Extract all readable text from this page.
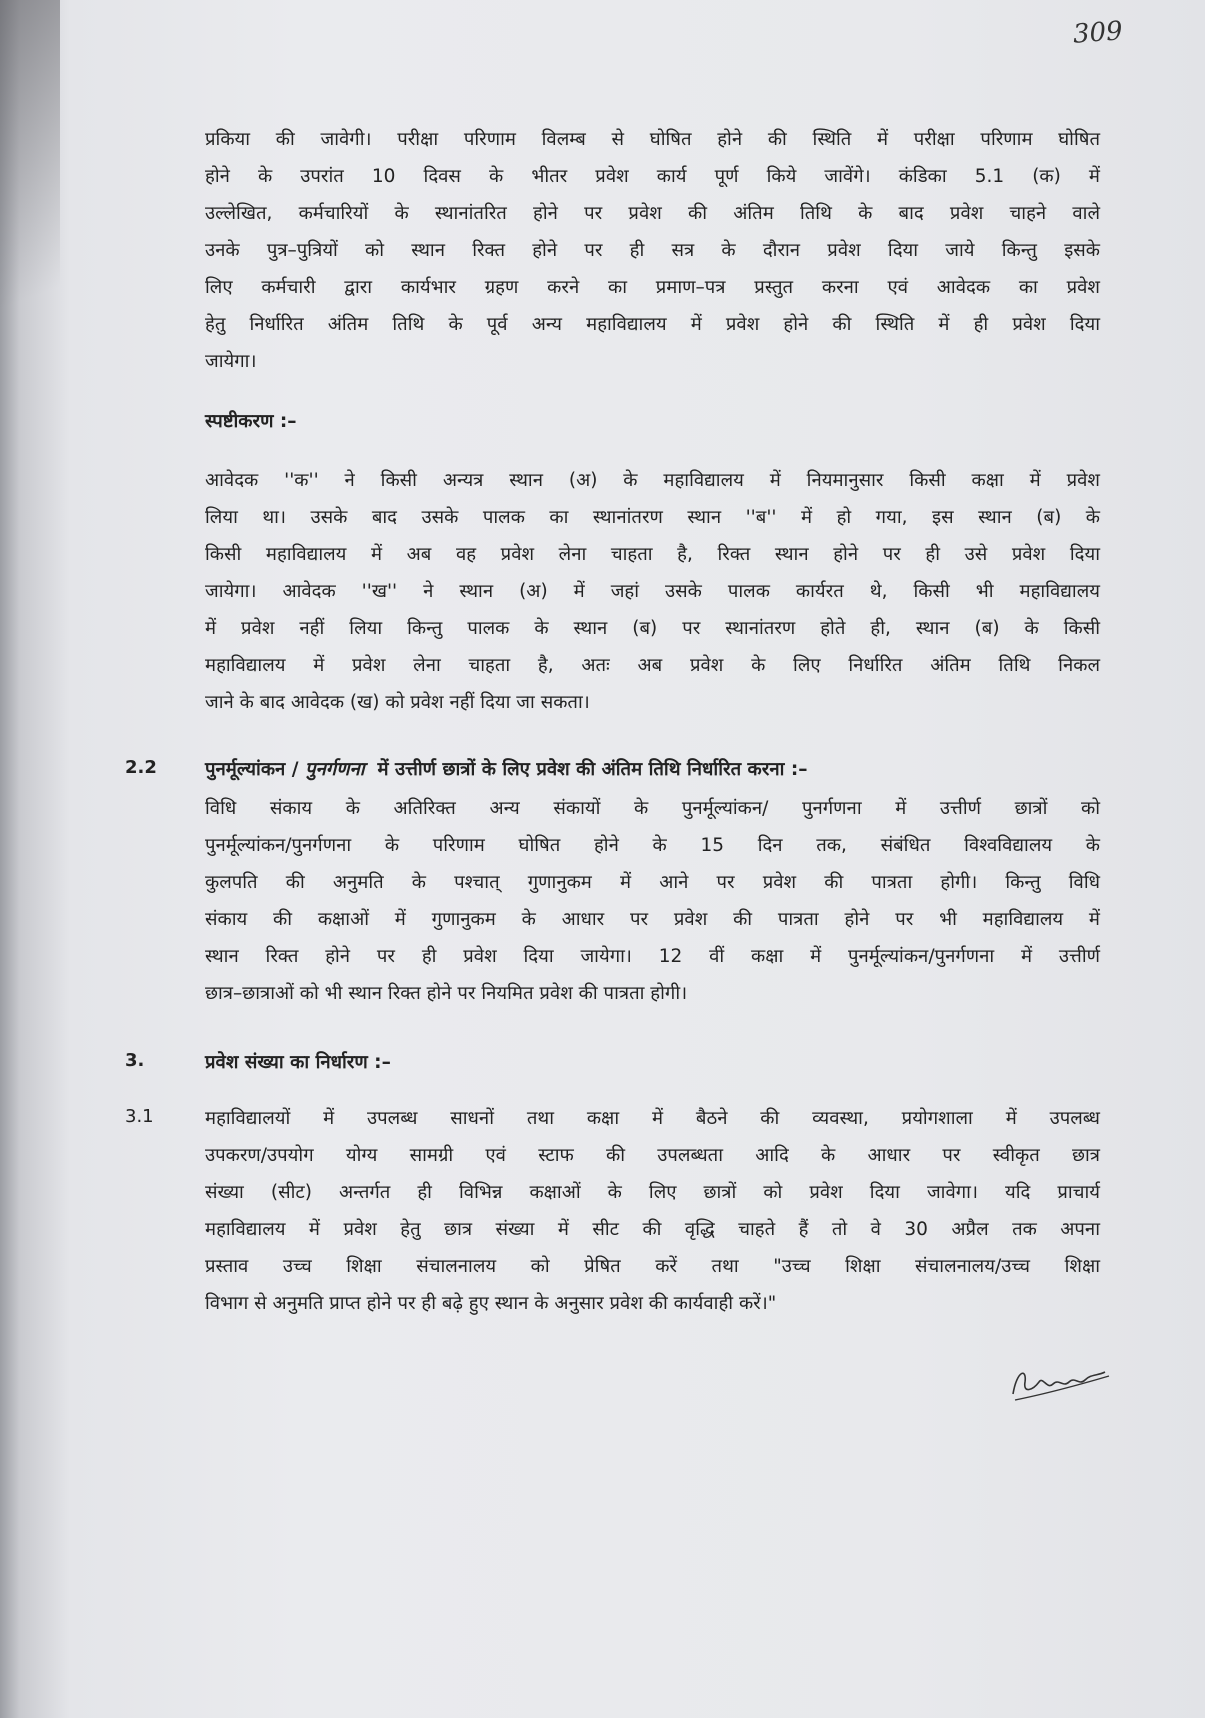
309
प्रकिया की जावेगी। परीक्षा परिणाम विलम्ब से घोषित होने की स्थिति में परीक्षा परिणाम घोषित
होने के उपरांत 10 दिवस के भीतर प्रवेश कार्य पूर्ण किये जावेंगे। कंडिका 5.1 (क) में
उल्लेखित, कर्मचारियों के स्थानांतरित होने पर प्रवेश की अंतिम तिथि के बाद प्रवेश चाहने वाले
उनके पुत्र–पुत्रियों को स्थान रिक्त होने पर ही सत्र के दौरान प्रवेश दिया जाये किन्तु इसके
लिए कर्मचारी द्वारा कार्यभार ग्रहण करने का प्रमाण–पत्र प्रस्तुत करना एवं आवेदक का प्रवेश
हेतु निर्धारित अंतिम तिथि के पूर्व अन्य महाविद्यालय में प्रवेश होने की स्थिति में ही प्रवेश दिया
जायेगा।
स्पष्टीकरण :–
आवेदक ''क'' ने किसी अन्यत्र स्थान (अ) के महाविद्यालय में नियमानुसार किसी कक्षा में प्रवेश
लिया था। उसके बाद उसके पालक का स्थानांतरण स्थान ''ब'' में हो गया, इस स्थान (ब) के
किसी महाविद्यालय में अब वह प्रवेश लेना चाहता है, रिक्त स्थान होने पर ही उसे प्रवेश दिया
जायेगा। आवेदक ''ख'' ने स्थान (अ) में जहां उसके पालक कार्यरत थे, किसी भी महाविद्यालय
में प्रवेश नहीं लिया किन्तु पालक के स्थान (ब) पर स्थानांतरण होते ही, स्थान (ब) के किसी
महाविद्यालय में प्रवेश लेना चाहता है, अतः अब प्रवेश के लिए निर्धारित अंतिम तिथि निकल
जाने के बाद आवेदक (ख) को प्रवेश नहीं दिया जा सकता।
2.2	पुनर्मूल्यांकन / पुनर्गणना  में उत्तीर्ण छात्रों के लिए प्रवेश की अंतिम तिथि निर्धारित करना :–
विधि संकाय के अतिरिक्त अन्य संकायों के पुनर्मूल्यांकन/ पुनर्गणना में उत्तीर्ण छात्रों को
पुनर्मूल्यांकन/पुनर्गणना के परिणाम घोषित होने के 15 दिन तक, संबंधित विश्वविद्यालय के
कुलपति की अनुमति के पश्चात् गुणानुकम में आने पर प्रवेश की पात्रता होगी। किन्तु विधि
संकाय की कक्षाओं में गुणानुकम के आधार पर प्रवेश की पात्रता होने पर भी महाविद्यालय में
स्थान रिक्त होने पर ही प्रवेश दिया जायेगा। 12 वीं कक्षा में पुनर्मूल्यांकन/पुनर्गणना में उत्तीर्ण
छात्र–छात्राओं को भी स्थान रिक्त होने पर नियमित प्रवेश की पात्रता होगी।
3.	प्रवेश संख्या का निर्धारण :–
3.1	महाविद्यालयों में उपलब्ध साधनों तथा कक्षा में बैठने की व्यवस्था, प्रयोगशाला में उपलब्ध
उपकरण/उपयोग योग्य सामग्री एवं स्टाफ की उपलब्धता आदि के आधार पर स्वीकृत छात्र
संख्या (सीट) अन्तर्गत ही विभिन्न कक्षाओं के लिए छात्रों को प्रवेश दिया जावेगा। यदि प्राचार्य
महाविद्यालय में प्रवेश हेतु छात्र संख्या में सीट की वृद्धि चाहते हैं तो वे 30 अप्रैल तक अपना
प्रस्ताव उच्च शिक्षा संचालनालय को प्रेषित करें तथा "उच्च शिक्षा संचालनालय/उच्च शिक्षा
विभाग से अनुमति प्राप्त होने पर ही बढ़े हुए स्थान के अनुसार प्रवेश की कार्यवाही करें।"
